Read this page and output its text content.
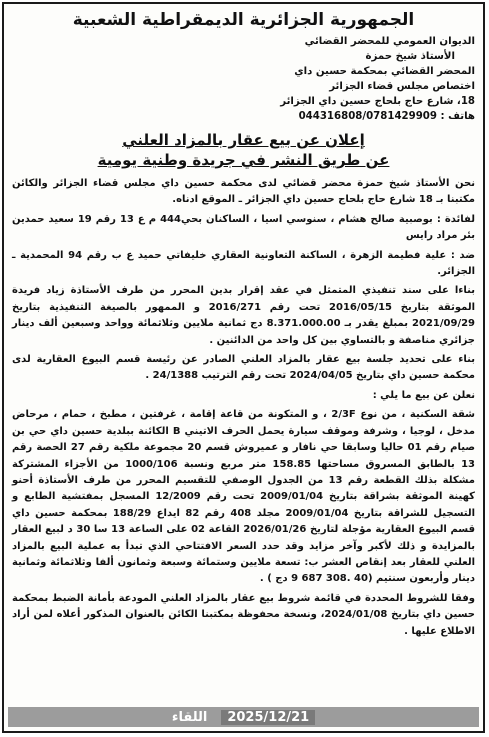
الجمهورية الجزائرية الديمقراطية الشعبية
الديوان العمومي للمحضر القضائي
الأستاذ شيخ حمزة
المحضر القضائي بمحكمة حسين داي
اختصاص مجلس قضاء الجزائر
18، شارع حاج بلحاج حسين داي الجزائر
هاتف : 044316808/0781429909
إعلان عن بيع عقار بالمزاد العلني
عن طريق النشر في جريدة وطنية يومية

نحن الأستاذ شيخ حمزة محضر قضائي لدى محكمة حسين داي مجلس قضاء الجزائر والكائن مكتبنا بـ 18 شارع حاج بلحاج حسين داي الجزائر ـ الموقع ادناه.

لفائدة : بوصبية صالح هشام ، سنوسي اسيا ، الساكنان بحي444 م ع 13 رقم 19 سعيد حمدين بئر مراد رايس

ضد : علية فطيمة الزهرة ، الساكنة التعاونية العقاري خليفاتي حميد ع ب رقم 94 المحمدية ـ الجزائر.

بناءا على سند تنفيذي المتمثل في عقد إقرار بدين المحرر من طرف الأستاذة زياد فريدة الموثقة بتاريخ 2016/05/15 تحت رقم 2016/271 و الممهور بالصيغة التنفيذية بتاريخ 2021/09/29 بمبلغ يقدر بـ 8.371.000.00 دج ثمانية ملايين وثلاثمائة وواحد وسبعين ألف دينار جزائري مناصفة و بالتساوي بين كل واحد من الدائنين .

بناء على تحديد جلسة بيع عقار بالمزاد العلني الصادر عن رئيسة قسم البيوع العقارية لدى محكمة حسين داي بتاريخ 2024/04/05 تحت رقم الترتيب 24/1388 .

نعلن عن بيع ما يلي :

شقة السكنية ، من نوع 2/3F ، و المتكونة من قاعة إقامة ، غرفتين ، مطبخ ، حمام ، مرحاض مدخل ، لوجيا ، وشرفة وموقف سيارة يحمل الحرف الاتيني B الكائنة ببلدية حسين داي حي بن صيام رقم 01 حاليا وسابقا حي نافار و عميروش قسم 20 مجموعة ملكية رقم 27 الحصة رقم 13 بالطابق المسروق مساحتها 158.85 متر مربع ونسبة 1000/106 من الأجزاء المشتركة مشكلة بذلك القطعة رقم 13 من الجدول الوصفي للتقسيم المحرر من طرف الأستاذة أحنو كهينة الموثقة بشراقة بتاريخ 2009/01/04 تحت رقم 12/2009 المسجل بمفتشية الطابع و التسجيل للشراقة بتاريخ 2009/01/04 مجلد 408 رقم 82 ايداع 188/29 بمحكمة حسين داي قسم البيوع العقارية مؤجلة لتاريخ 2026/01/26 القاعة 02 على الساعة 13 سا 30 د لبيع العقار بالمزايدة و ذلك لأكبر وآخر مزايد وقد حدد السعر الافتتاحي الذي تبدأ به عملية البيع بالمزاد العلني للعقار بعد إنقاص العشر ب: تسعة ملايين وستمائة وسبعة وثمانون ألفا وثلاثمائة وثمانية دينار وأربعون سنتيم (40 .308 687 9 دج ) .

وفقا للشروط المحددة في قائمة شروط بيع عقار بالمزاد العلني المودعة بأمانة الضبط بمحكمة حسين داي بتاريخ 2024/01/08، ونسخة محفوظة بمكتبنا الكائن بالعنوان المذكور أعلاه لمن أراد الاطلاع عليها .

2025/12/21
اللقاء
